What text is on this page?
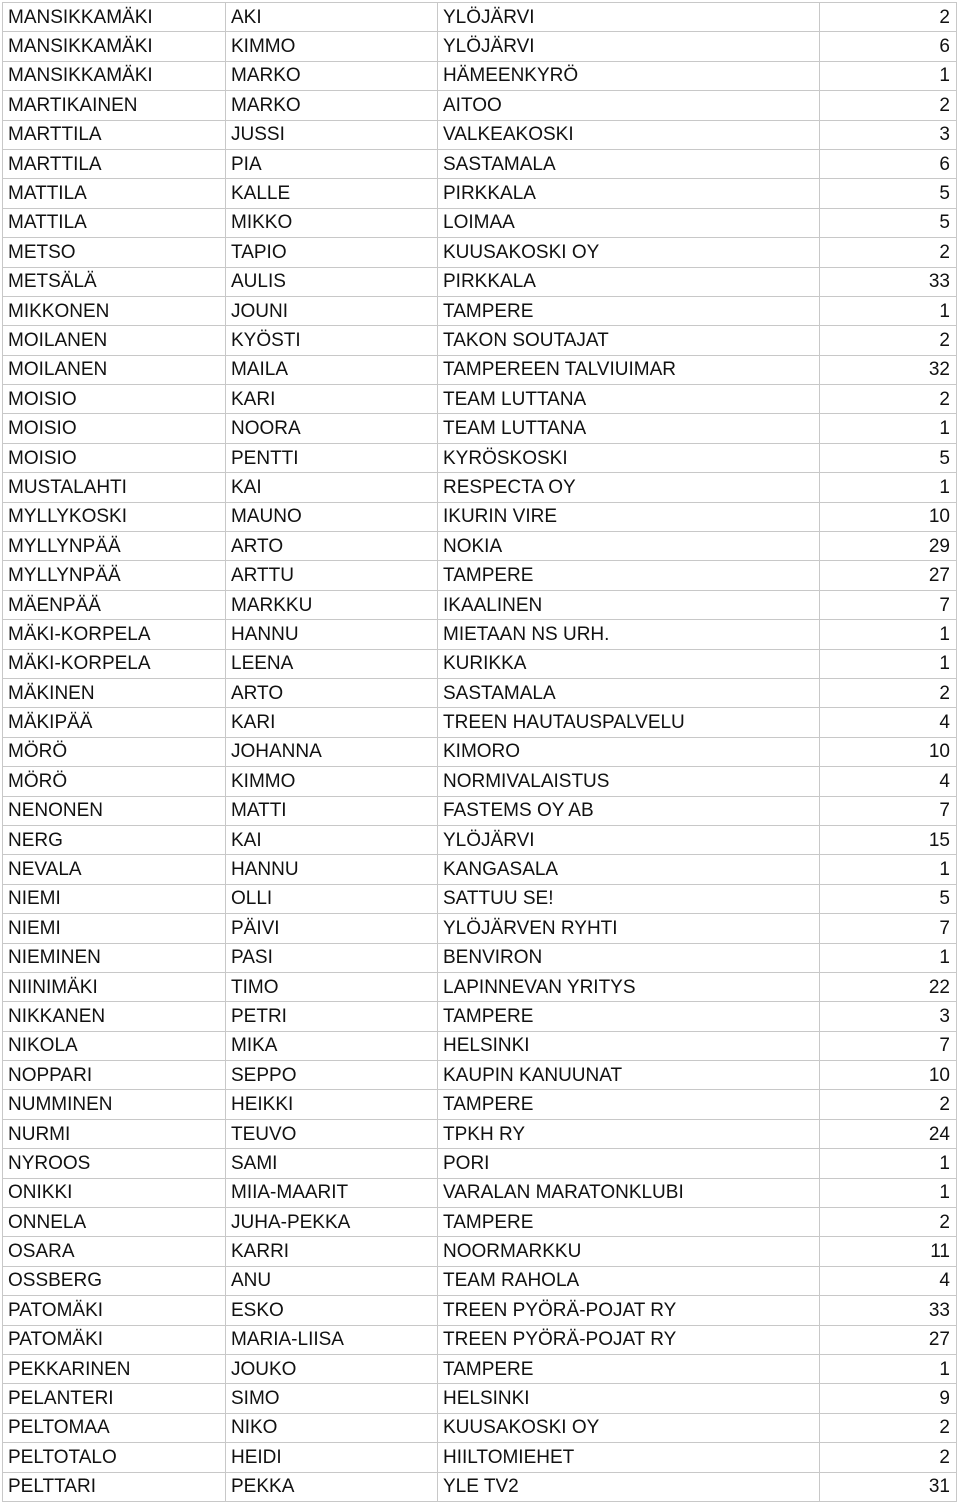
MANSIKKAMÄKI	AKI	YLÖJÄRVI	2
MANSIKKAMÄKI	KIMMO	YLÖJÄRVI	6
MANSIKKAMÄKI	MARKO	HÄMEENKYRÖ	1
MARTIKAINEN	MARKO	AITOO	2
MARTTILA	JUSSI	VALKEAKOSKI	3
MARTTILA	PIA	SASTAMALA	6
MATTILA	KALLE	PIRKKALA	5
MATTILA	MIKKO	LOIMAA	5
METSO	TAPIO	KUUSAKOSKI OY	2
METSÄLÄ	AULIS	PIRKKALA	33
MIKKONEN	JOUNI	TAMPERE	1
MOILANEN	KYÖSTI	TAKON SOUTAJAT	2
MOILANEN	MAILA	TAMPEREEN TALVIUIMAR	32
MOISIO	KARI	TEAM LUTTANA	2
MOISIO	NOORA	TEAM LUTTANA	1
MOISIO	PENTTI	KYRÖSKOSKI	5
MUSTALAHTI	KAI	RESPECTA OY	1
MYLLYKOSKI	MAUNO	IKURIN VIRE	10
MYLLYNPÄÄ	ARTO	NOKIA	29
MYLLYNPÄÄ	ARTTU	TAMPERE	27
MÄENPÄÄ	MARKKU	IKAALINEN	7
MÄKI-KORPELA	HANNU	MIETAAN NS URH.	1
MÄKI-KORPELA	LEENA	KURIKKA	1
MÄKINEN	ARTO	SASTAMALA	2
MÄKIPÄÄ	KARI	TREEN HAUTAUSPALVELU	4
MÖRÖ	JOHANNA	KIMORO	10
MÖRÖ	KIMMO	NORMIVALAISTUS	4
NENONEN	MATTI	FASTEMS OY AB	7
NERG	KAI	YLÖJÄRVI	15
NEVALA	HANNU	KANGASALA	1
NIEMI	OLLI	SATTUU SE!	5
NIEMI	PÄIVI	YLÖJÄRVEN RYHTI	7
NIEMINEN	PASI	BENVIRON	1
NIINIMÄKI	TIMO	LAPINNEVAN YRITYS	22
NIKKANEN	PETRI	TAMPERE	3
NIKOLA	MIKA	HELSINKI	7
NOPPARI	SEPPO	KAUPIN KANUUNAT	10
NUMMINEN	HEIKKI	TAMPERE	2
NURMI	TEUVO	TPKH RY	24
NYROOS	SAMI	PORI	1
ONIKKI	MIIA-MAARIT	VARALAN MARATONKLUBI	1
ONNELA	JUHA-PEKKA	TAMPERE	2
OSARA	KARRI	NOORMARKKU	11
OSSBERG	ANU	TEAM RAHOLA	4
PATOMÄKI	ESKO	TREEN PYÖRÄ-POJAT RY	33
PATOMÄKI	MARIA-LIISA	TREEN PYÖRÄ-POJAT RY	27
PEKKARINEN	JOUKO	TAMPERE	1
PELANTERI	SIMO	HELSINKI	9
PELTOMAA	NIKO	KUUSAKOSKI OY	2
PELTOTALO	HEIDI	HIILTOMIEHET	2
PELTTARI	PEKKA	YLE TV2	31
